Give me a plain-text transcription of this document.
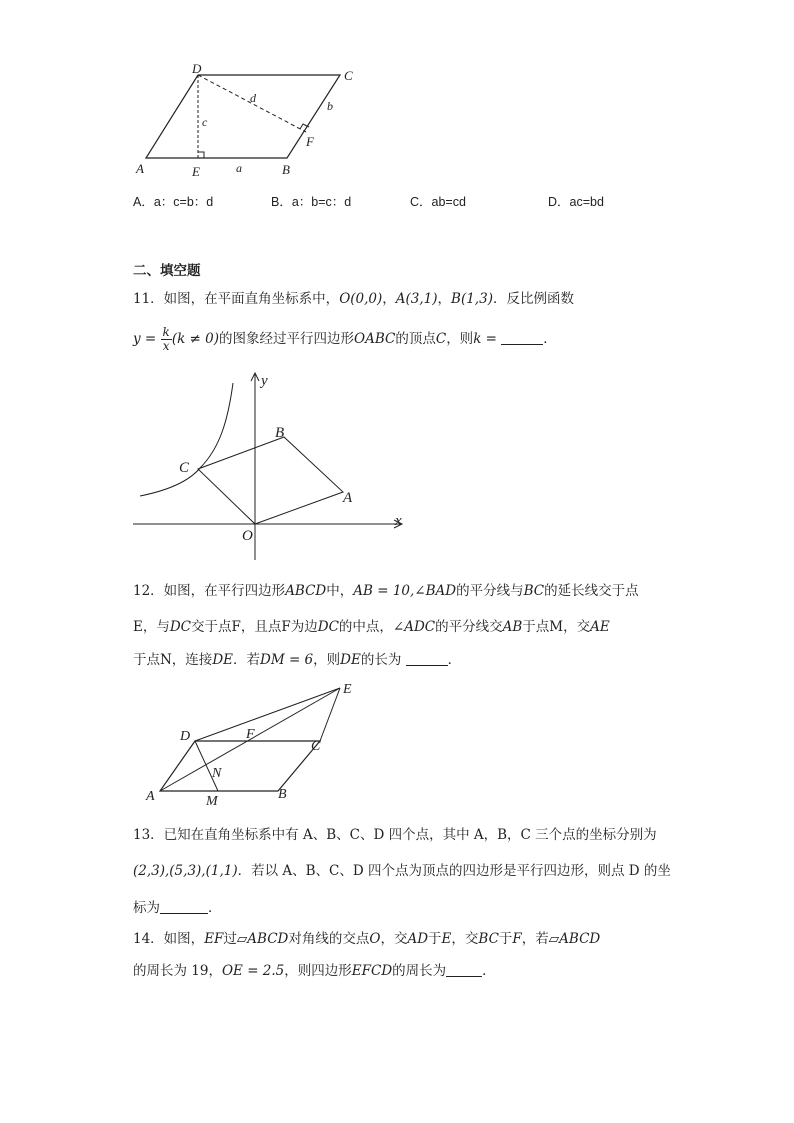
D	C
A	E	B
F
a
b
c
d
A．a：c=b：d	B．a：b=c：d	C．ab=cd	D．ac=bd
二、填空题
11．如图，在平面直角坐标系中，O(0,0)，A(3,1)，B(1,3)．反比例函数
$y = \frac{k}{x} (k \ne 0)$的图象经过平行四边形OABC的顶点C，则k =	．
y
x
B
C
A
O
12．如图，在平行四边形ABCD中，AB = 10,∠BAD的平分线与BC的延长线交于点
E，与DC交于点F，且点F为边DC的中点，∠ADC的平分线交AB于点M，交AE
于点N，连接DE．若DM = 6，则DE的长为	．
E
D	F
C
N
A	M	B
13．已知在直角坐标系中有 A、B、C、D 四个点，其中 A，B，C 三个点的坐标分别为
(2,3),(5,3),(1,1)．若以 A、B、C、D 四个点为顶点的四边形是平行四边形，则点 D 的坐
标为	．
14．如图，EF过▱ABCD对角线的交点O，交AD于E，交BC于F，若▱ABCD
的周长为 19，OE = 2.5，则四边形EFCD的周长为	．
